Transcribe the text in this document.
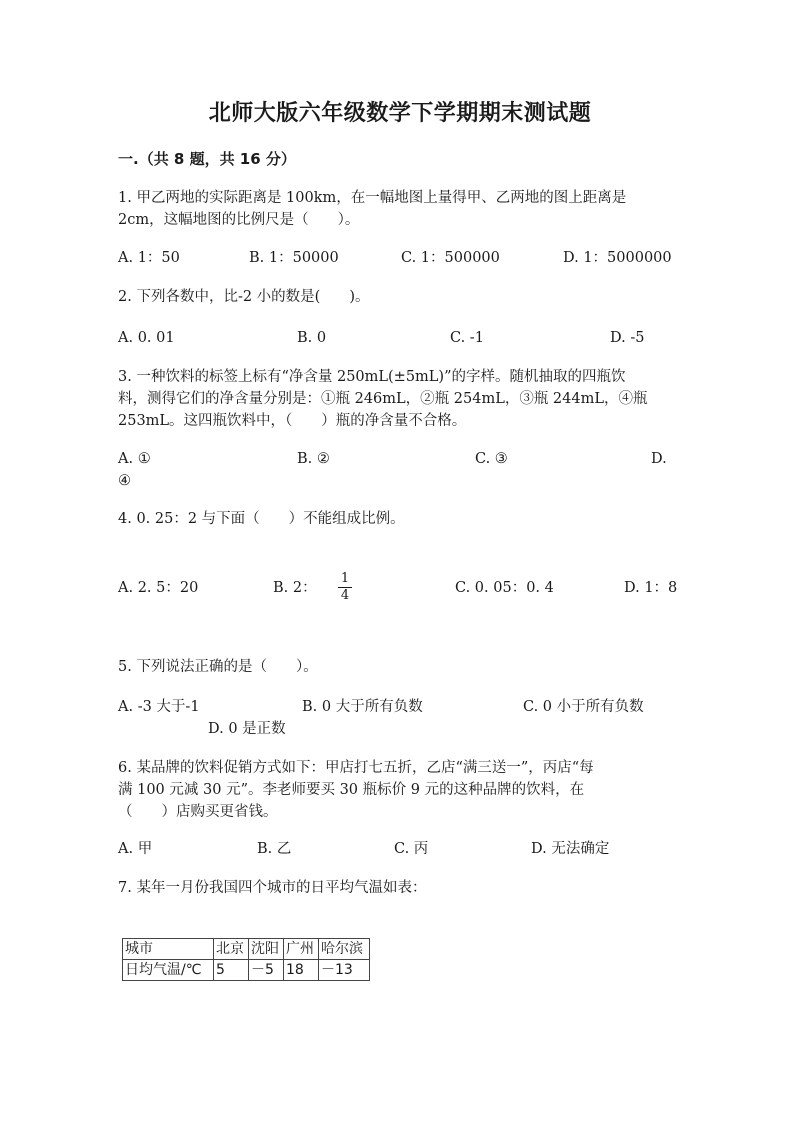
北师大版六年级数学下学期期末测试题
一.（共 8 题，共 16 分）
1. 甲乙两地的实际距离是 100km，在一幅地图上量得甲、乙两地的图上距离是
2cm，这幅地图的比例尺是（　　）。
A. 1：50	B. 1：50000	C. 1：500000	D. 1：5000000
2. 下列各数中，比-2 小的数是(　　)。
A. 0. 01	B. 0	C. -1	D. -5
3. 一种饮料的标签上标有“净含量 250mL(±5mL)”的字样。随机抽取的四瓶饮
料，测得它们的净含量分别是：①瓶 246mL，②瓶 254mL，③瓶 244mL，④瓶
253mL。这四瓶饮料中，（　　）瓶的净含量不合格。
A. ①	B. ②	C. ③	D.
④
4. 0. 25：2 与下面（　　）不能组成比例。
A. 2. 5：20	B. 2： $\frac{1}{4}$	C. 0. 05：0. 4	D. 1：8
5. 下列说法正确的是（　　）。
A. -3 大于-1	B. 0 大于所有负数	C. 0 小于所有负数
D. 0 是正数
6. 某品牌的饮料促销方式如下：甲店打七五折，乙店“满三送一”，丙店“每
满 100 元减 30 元”。李老师要买 30 瓶标价 9 元的这种品牌的饮料，在
（　　）店购买更省钱。
A. 甲	B. 乙	C. 丙	D. 无法确定
7. 某年一月份我国四个城市的日平均气温如表：
城市	北京	沈阳	广州	哈尔滨
日均气温/℃	5	－5	18	－13
